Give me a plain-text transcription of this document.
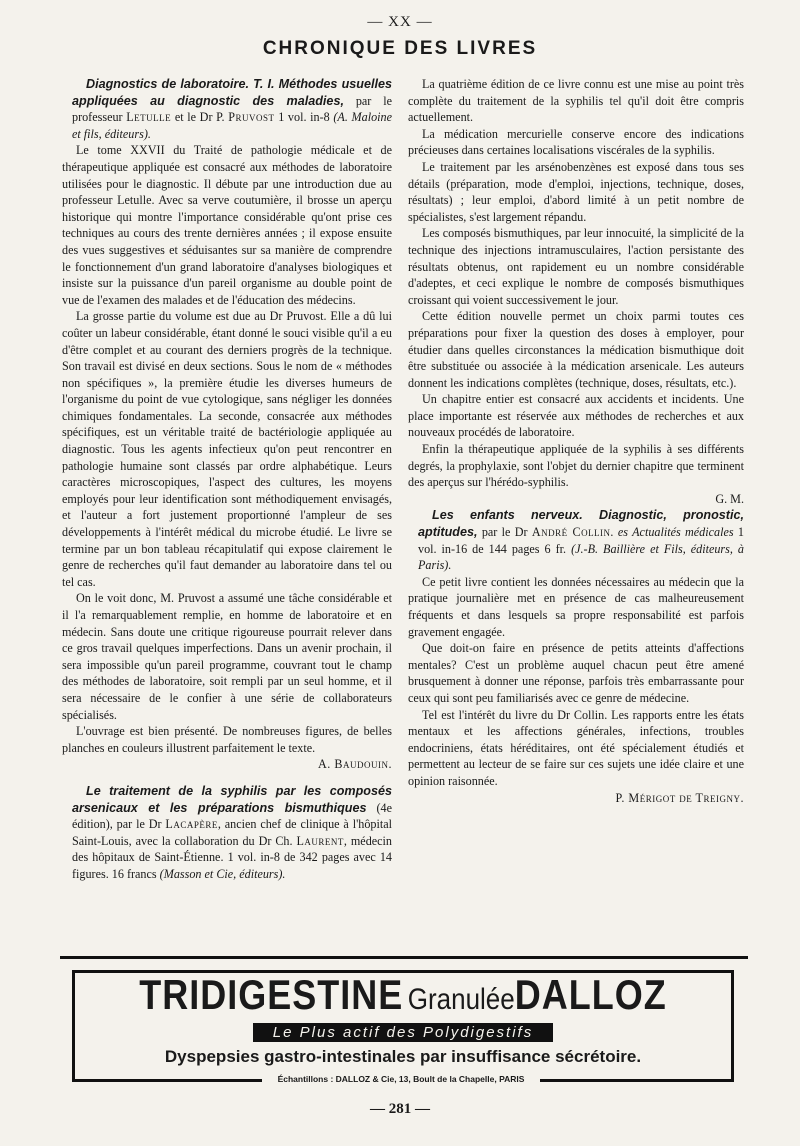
— XX —
CHRONIQUE DES LIVRES

Diagnostics de laboratoire. T. I. Méthodes usuelles appliquées au diagnostic des maladies, par le professeur Letulle et le Dr P. Pruvost 1 vol. in-8 (A. Maloine et fils, éditeurs).

Le tome XXVII du Traité de pathologie médicale et de thérapeutique appliquée est consacré aux méthodes de laboratoire utilisées pour le diagnostic. Il débute par une introduction due au professeur Letulle. Avec sa verve coutumière, il brosse un aperçu historique qui montre l'importance considérable qu'ont prise ces techniques au cours des trente dernières années ; il expose ensuite des vues suggestives et séduisantes sur sa manière de comprendre le fonctionnement d'un grand laboratoire d'analyses biologiques et insiste sur la puissance d'un pareil organisme au double point de vue de l'examen des malades et de l'éducation des médecins.

La grosse partie du volume est due au Dr Pruvost. Elle a dû lui coûter un labeur considérable, étant donné le souci visible qu'il a eu d'être complet et au courant des derniers progrès de la technique. Son travail est divisé en deux sections. Sous le nom de « méthodes non spécifiques », la première étudie les diverses humeurs de l'organisme du point de vue cytologique, sans négliger les données chimiques fondamentales. La seconde, consacrée aux méthodes spécifiques, est un véritable traité de bactériologie appliquée au diagnostic. Tous les agents infectieux qu'on peut rencontrer en pathologie humaine sont classés par ordre alphabétique. Leurs caractères microscopiques, l'aspect des cultures, les moyens employés pour leur identification sont méthodiquement envisagés, et l'auteur a fort justement proportionné l'ampleur de ses développements à l'intérêt médical du microbe étudié. Le livre se termine par un bon tableau récapitulatif qui expose clairement le genre de recherches qu'il faut demander au laboratoire dans tel ou tel cas.

On le voit donc, M. Pruvost a assumé une tâche considérable et il l'a remarquablement remplie, en homme de laboratoire et en médecin. Sans doute une critique rigoureuse pourrait relever dans ce gros travail quelques imperfections. Dans un avenir prochain, il sera impossible qu'un pareil programme, couvrant tout le champ des méthodes de laboratoire, soit rempli par un seul homme, et il sera nécessaire de le confier à une série de collaborateurs spécialisés.

L'ouvrage est bien présenté. De nombreuses figures, de belles planches en couleurs illustrent parfaitement le texte.

A. Baudouin.

Le traitement de la syphilis par les composés arsenicaux et les préparations bismuthiques (4e édition), par le Dr Lacapère, ancien chef de clinique à l'hôpital Saint-Louis, avec la collaboration du Dr Ch. Laurent, médecin des hôpitaux de Saint-Étienne. 1 vol. in-8 de 342 pages avec 14 figures. 16 francs (Masson et Cie, éditeurs).

La quatrième édition de ce livre connu est une mise au point très complète du traitement de la syphilis tel qu'il doit être compris actuellement.

La médication mercurielle conserve encore des indications précieuses dans certaines localisations viscérales de la syphilis.

Le traitement par les arsénobenzènes est exposé dans tous ses détails (préparation, mode d'emploi, injections, technique, doses, résultats) ; leur emploi, d'abord limité à un petit nombre de spécialistes, s'est largement répandu.

Les composés bismuthiques, par leur innocuité, la simplicité de la technique des injections intramusculaires, l'action persistante des résultats obtenus, ont rapidement eu un nombre considérable d'adeptes, et ceci explique le nombre de composés bismuthiques croissant qui voient successivement le jour.

Cette édition nouvelle permet un choix parmi toutes ces préparations pour fixer la question des doses à employer, pour étudier dans quelles circonstances la médication bismuthique doit être substituée ou associée à la médication arsenicale. Les auteurs donnent les indications complètes (technique, doses, résultats, etc.).

Un chapitre entier est consacré aux accidents et incidents. Une place importante est réservée aux méthodes de recherches et aux nouveaux procédés de laboratoire.

Enfin la thérapeutique appliquée de la syphilis à ses différents degrés, la prophylaxie, sont l'objet du dernier chapitre que terminent des aperçus sur l'hérédo-syphilis.

G. M.

Les enfants nerveux. Diagnostic, pronostic, aptitudes, par le Dr André Collin. es Actualités médicales 1 vol. in-16 de 144 pages 6 fr. (J.-B. Baillière et Fils, éditeurs, à Paris).

Ce petit livre contient les données nécessaires au médecin que la pratique journalière met en présence de cas malheureusement fréquents et dans lesquels sa propre responsabilité est parfois gravement engagée.

Que doit-on faire en présence de petits atteints d'affections mentales? C'est un problème auquel chacun peut être amené brusquement à donner une réponse, parfois très embarrassante pour ceux qui sont peu familiarisés avec ce genre de médecine.

Tel est l'intérêt du livre du Dr Collin. Les rapports entre les états mentaux et les affections générales, infections, troubles endocriniens, états héréditaires, ont été spécialement étudiés et permettent au lecteur de se faire sur ces sujets une idée claire et une opinion raisonnée.

P. Mérigot de Treigny.

TRIDIGESTINE GranuléeDALLOZ
Le Plus actif des Polydigestifs
Dyspepsies gastro-intestinales par insuffisance sécrétoire.
Échantillons : DALLOZ & Cie, 13, Boult de la Chapelle, PARIS
— 281 —
